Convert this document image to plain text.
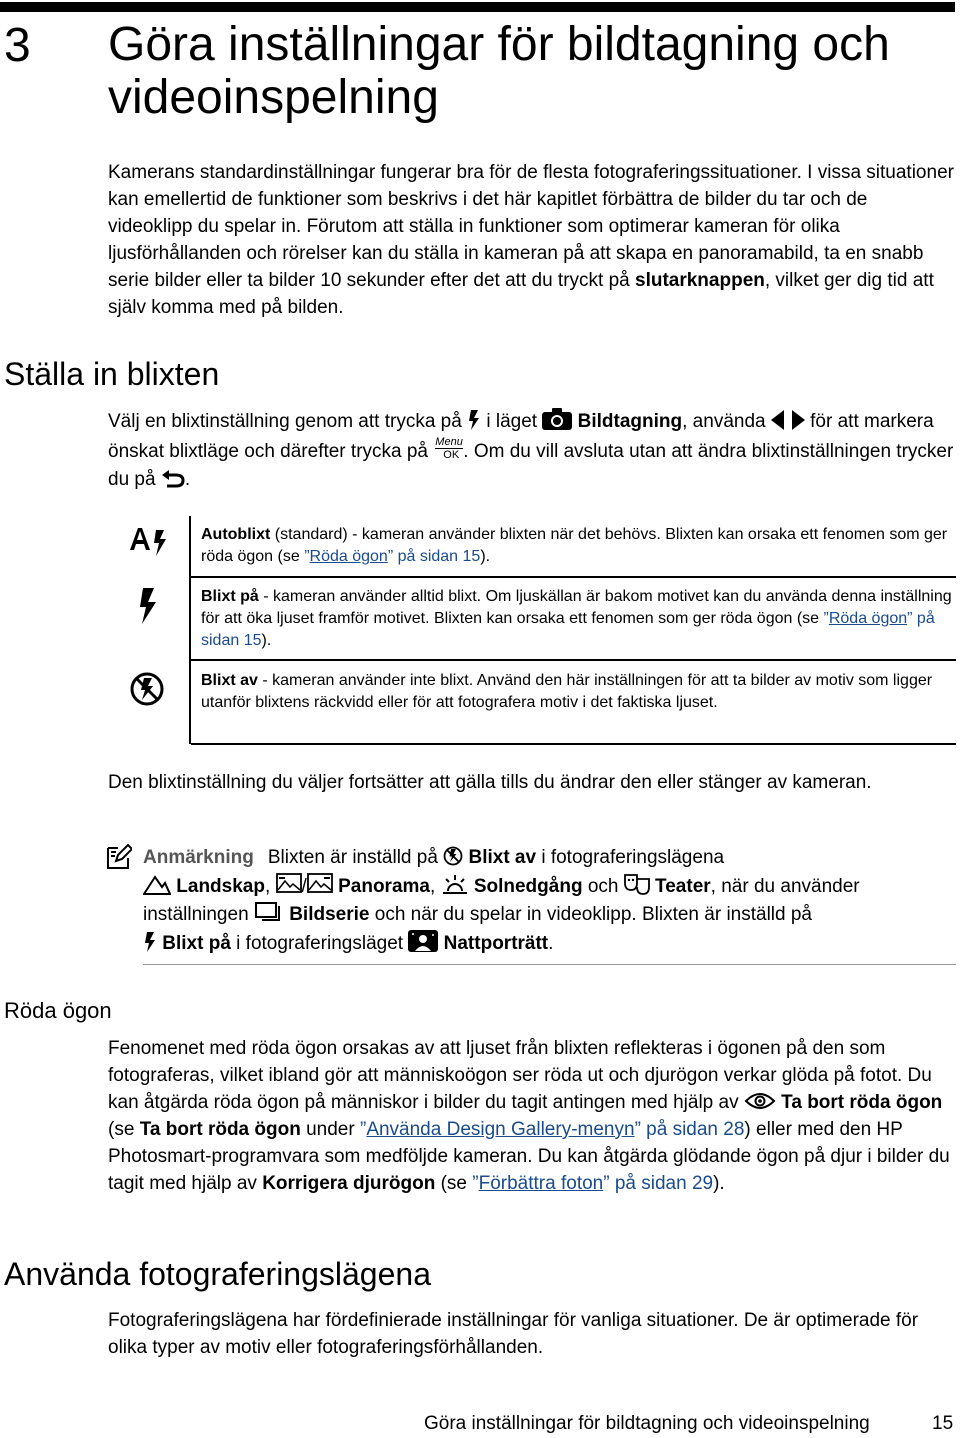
3 Göra inställningar för bildtagning och videoinspelning

Kamerans standardinställningar fungerar bra för de flesta fotograferingssituationer. I vissa situationer kan emellertid de funktioner som beskrivs i det här kapitlet förbättra de bilder du tar och de videoklipp du spelar in. Förutom att ställa in funktioner som optimerar kameran för olika ljusförhållanden och rörelser kan du ställa in kameran på att skapa en panoramabild, ta en snabb serie bilder eller ta bilder 10 sekunder efter det att du tryckt på slutarknappen, vilket ger dig tid att själv komma med på bilden.

Ställa in blixten

Välj en blixtinställning genom att trycka på  i läget  Bildtagning, använda  för att markera önskat blixtläge och därefter trycka på Menu
OK . Om du vill avsluta utan att ändra blixtinställningen trycker du på .

Autoblixt (standard) - kameran använder blixten när det behövs. Blixten kan orsaka ett fenomen som ger röda ögon (se ”Röda ögon” på sidan 15).

Blixt på - kameran använder alltid blixt. Om ljuskällan är bakom motivet kan du använda denna inställning för att öka ljuset framför motivet. Blixten kan orsaka ett fenomen som ger röda ögon (se ”Röda ögon” på sidan 15).

Blixt av - kameran använder inte blixt. Använd den här inställningen för att ta bilder av motiv som ligger utanför blixtens räckvidd eller för att fotografera motiv i det faktiska ljuset.

Den blixtinställning du väljer fortsätter att gälla tills du ändrar den eller stänger av kameran.

Anmärkning Blixten är inställd på  Blixt av i fotograferingslägena
Landskap, / Panorama,  Solnedgång och  Teater, när du använder inställningen  Bildserie och när du spelar in videoklipp. Blixten är inställd på
Blixt på i fotograferingsläget  Nattporträtt.

Röda ögon

Fenomenet med röda ögon orsakas av att ljuset från blixten reflekteras i ögonen på den som fotograferas, vilket ibland gör att människoögon ser röda ut och djurögon verkar glöda på fotot. Du kan åtgärda röda ögon på människor i bilder du tagit antingen med hjälp av  Ta bort röda ögon (se Ta bort röda ögon under ”Använda Design Gallery-menyn” på sidan 28) eller med den HP Photosmart-programvara som medföljde kameran. Du kan åtgärda glödande ögon på djur i bilder du tagit med hjälp av Korrigera djurögon (se ”Förbättra foton” på sidan 29).

Använda fotograferingslägena

Fotograferingslägena har fördefinierade inställningar för vanliga situationer. De är optimerade för olika typer av motiv eller fotograferingsförhållanden.

Göra inställningar för bildtagning och videoinspelning	15
